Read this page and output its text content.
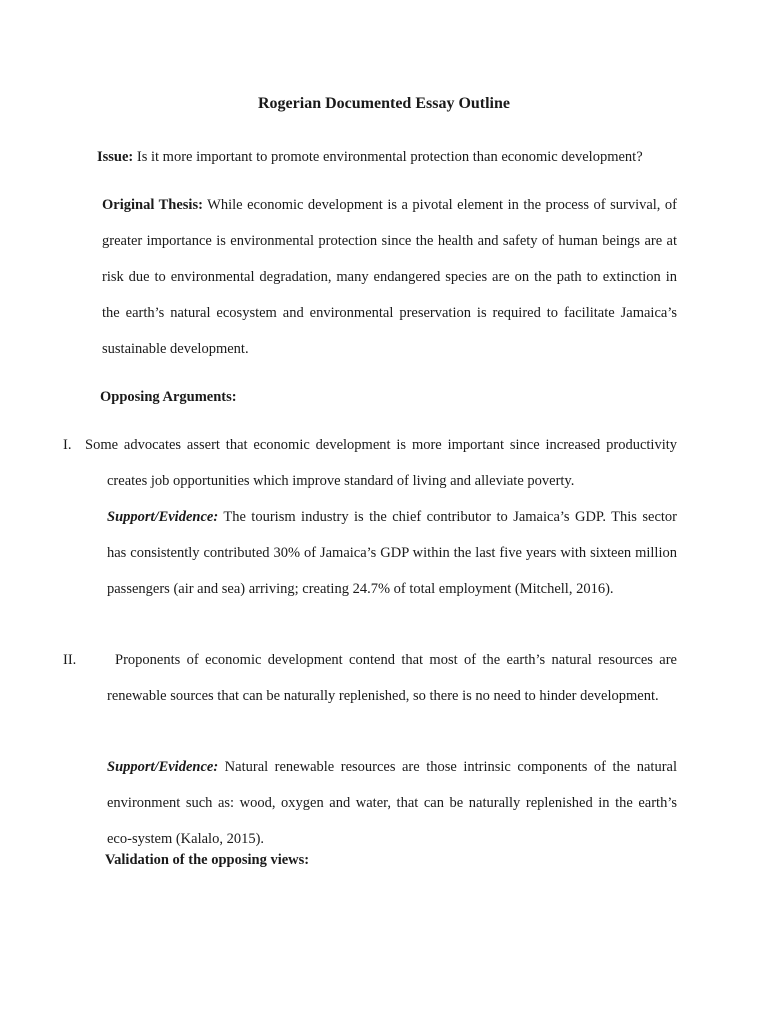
Rogerian Documented Essay Outline
Issue: Is it more important to promote environmental protection than economic development?
Original Thesis: While economic development is a pivotal element in the process of survival, of greater importance is environmental protection since the health and safety of human beings are at risk due to environmental degradation, many endangered species are on the path to extinction in the earth’s natural ecosystem and environmental preservation is required to facilitate Jamaica’s sustainable development.
Opposing Arguments:
I. Some advocates assert that economic development is more important since increased productivity creates job opportunities which improve standard of living and alleviate poverty.
Support/Evidence: The tourism industry is the chief contributor to Jamaica’s GDP. This sector has consistently contributed 30% of Jamaica’s GDP within the last five years with sixteen million passengers (air and sea) arriving; creating 24.7% of total employment (Mitchell, 2016).
II.	Proponents of economic development contend that most of the earth’s natural resources are renewable sources that can be naturally replenished, so there is no need to hinder development.
Support/Evidence: Natural renewable resources are those intrinsic components of the natural environment such as: wood, oxygen and water, that can be naturally replenished in the earth’s eco-system (Kalalo, 2015).
Validation of the opposing views:
